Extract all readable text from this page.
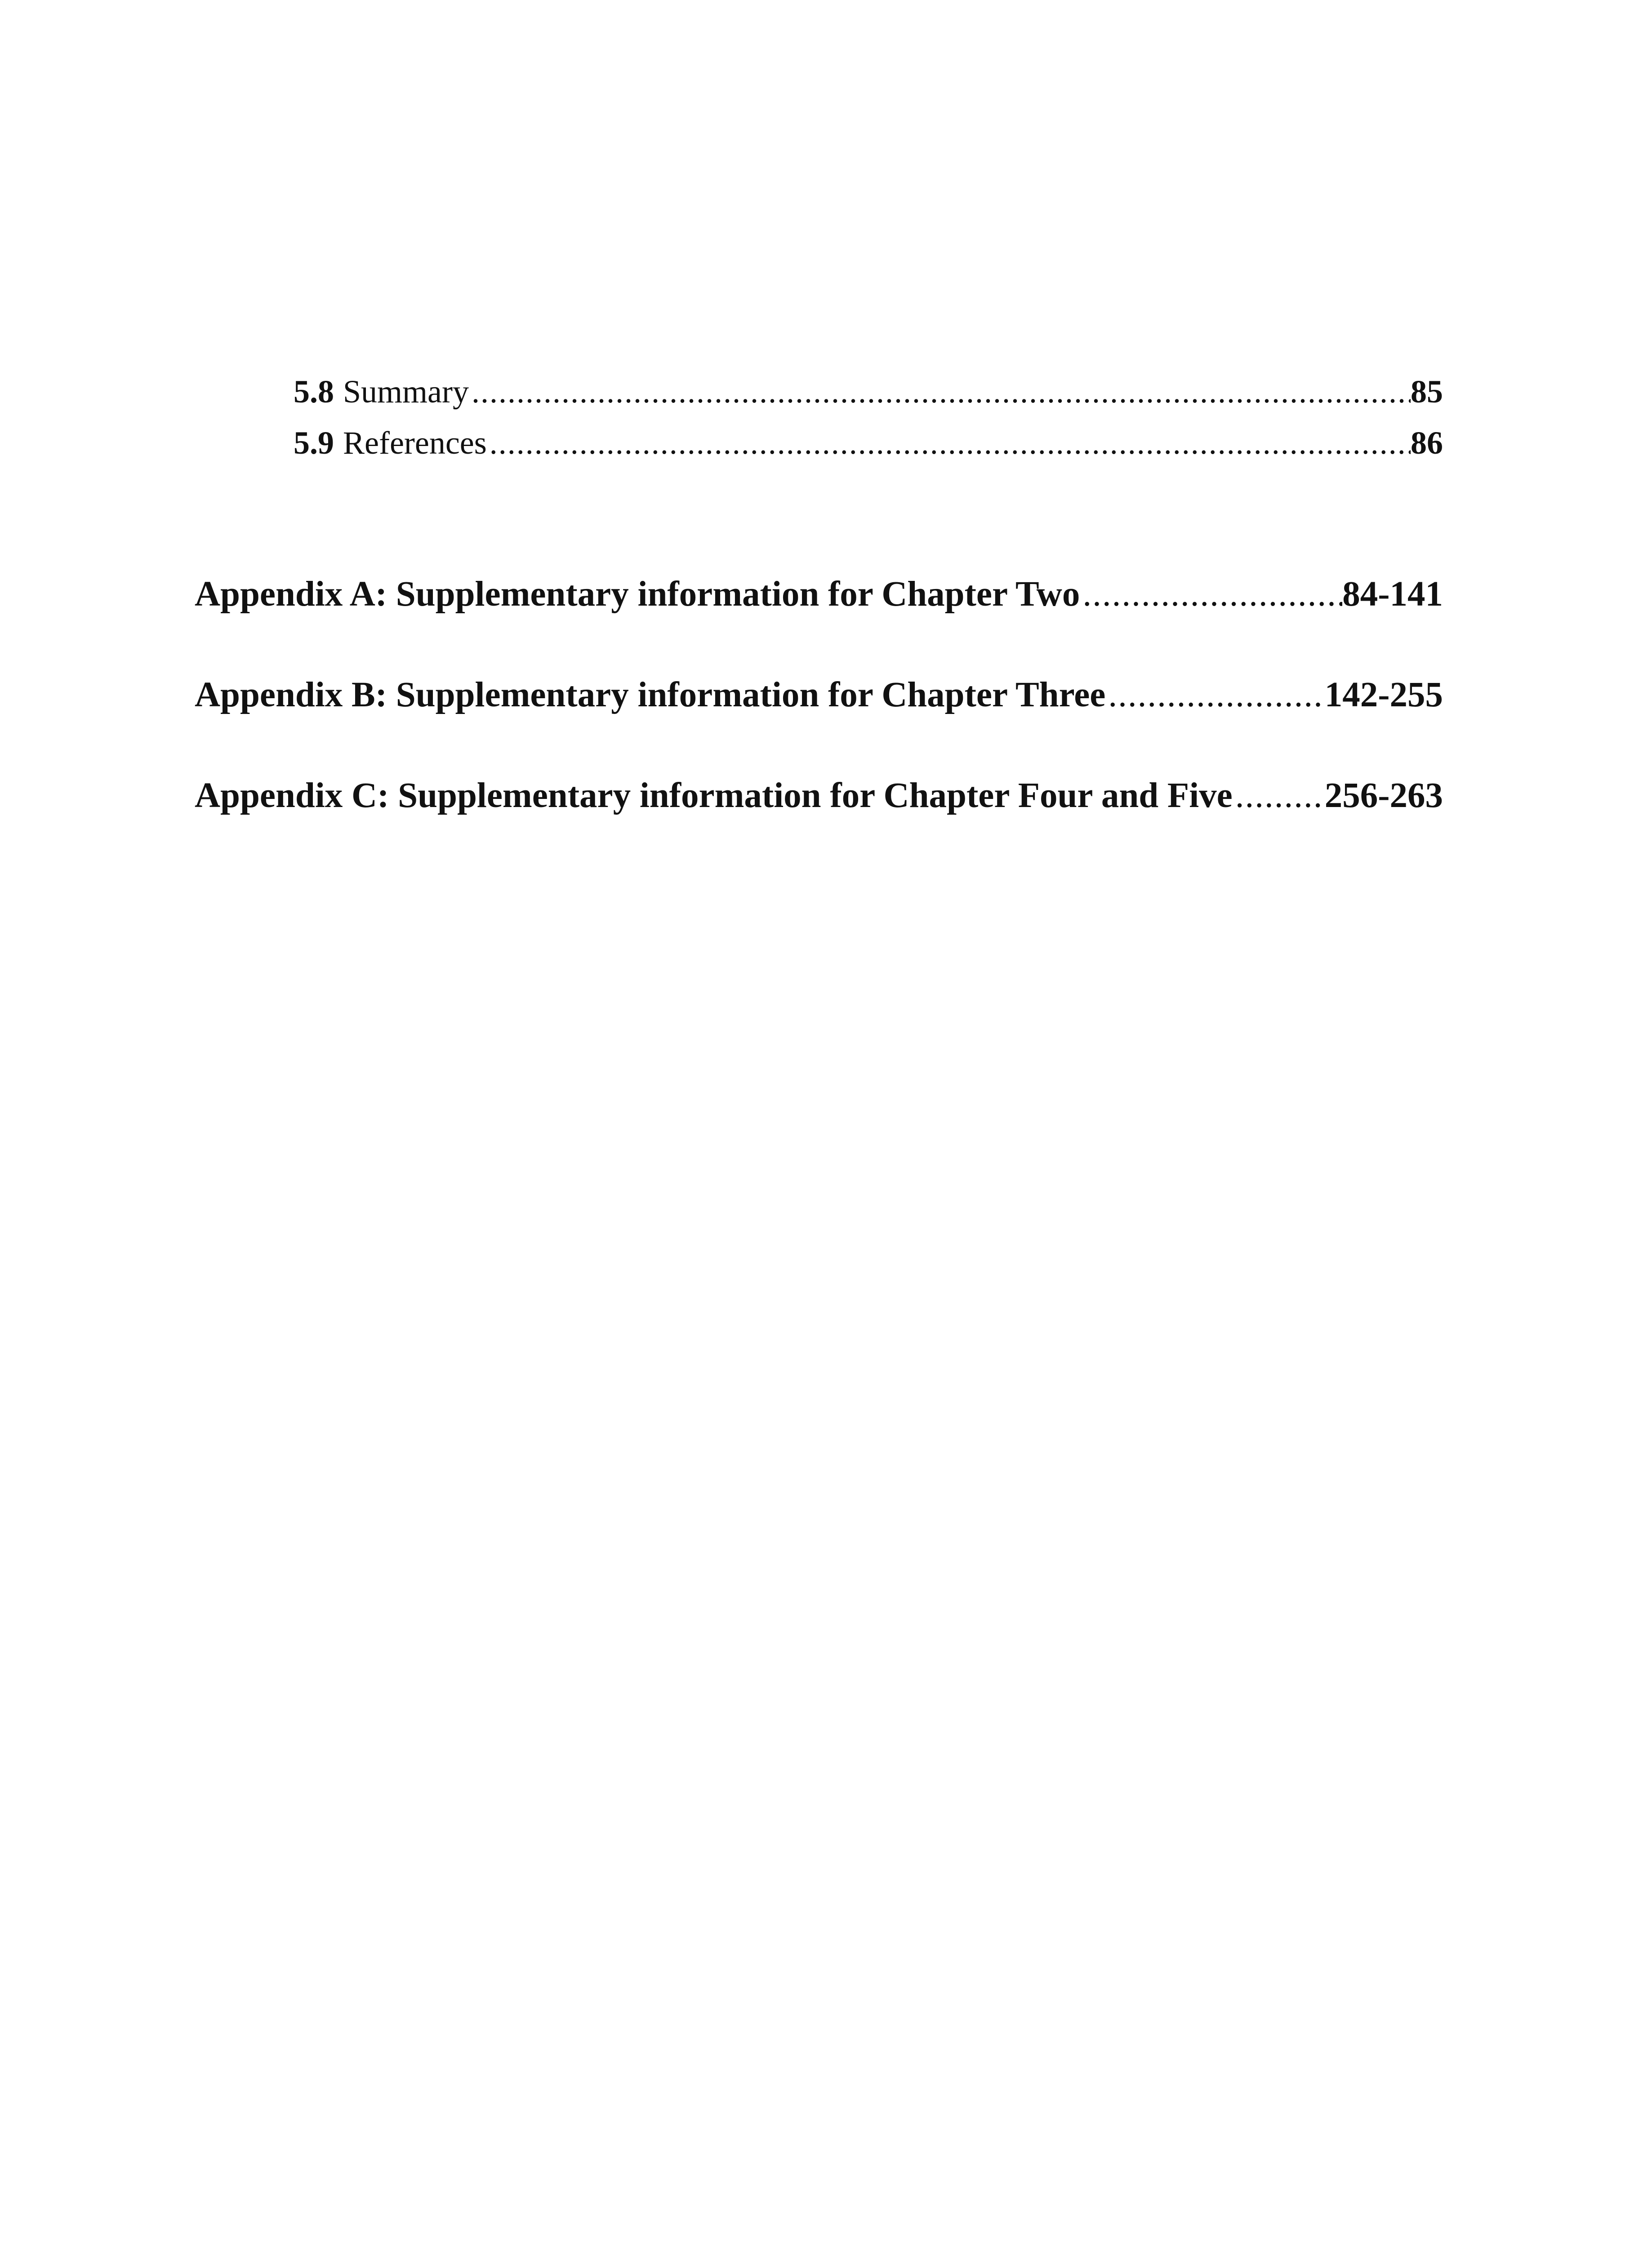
5.8 Summary .....	85
5.9 References .....	86
Appendix A: Supplementary information for Chapter Two .....	84-141
Appendix B: Supplementary information for Chapter Three .....	142-255
Appendix C: Supplementary information for Chapter Four and Five .....	256-263
